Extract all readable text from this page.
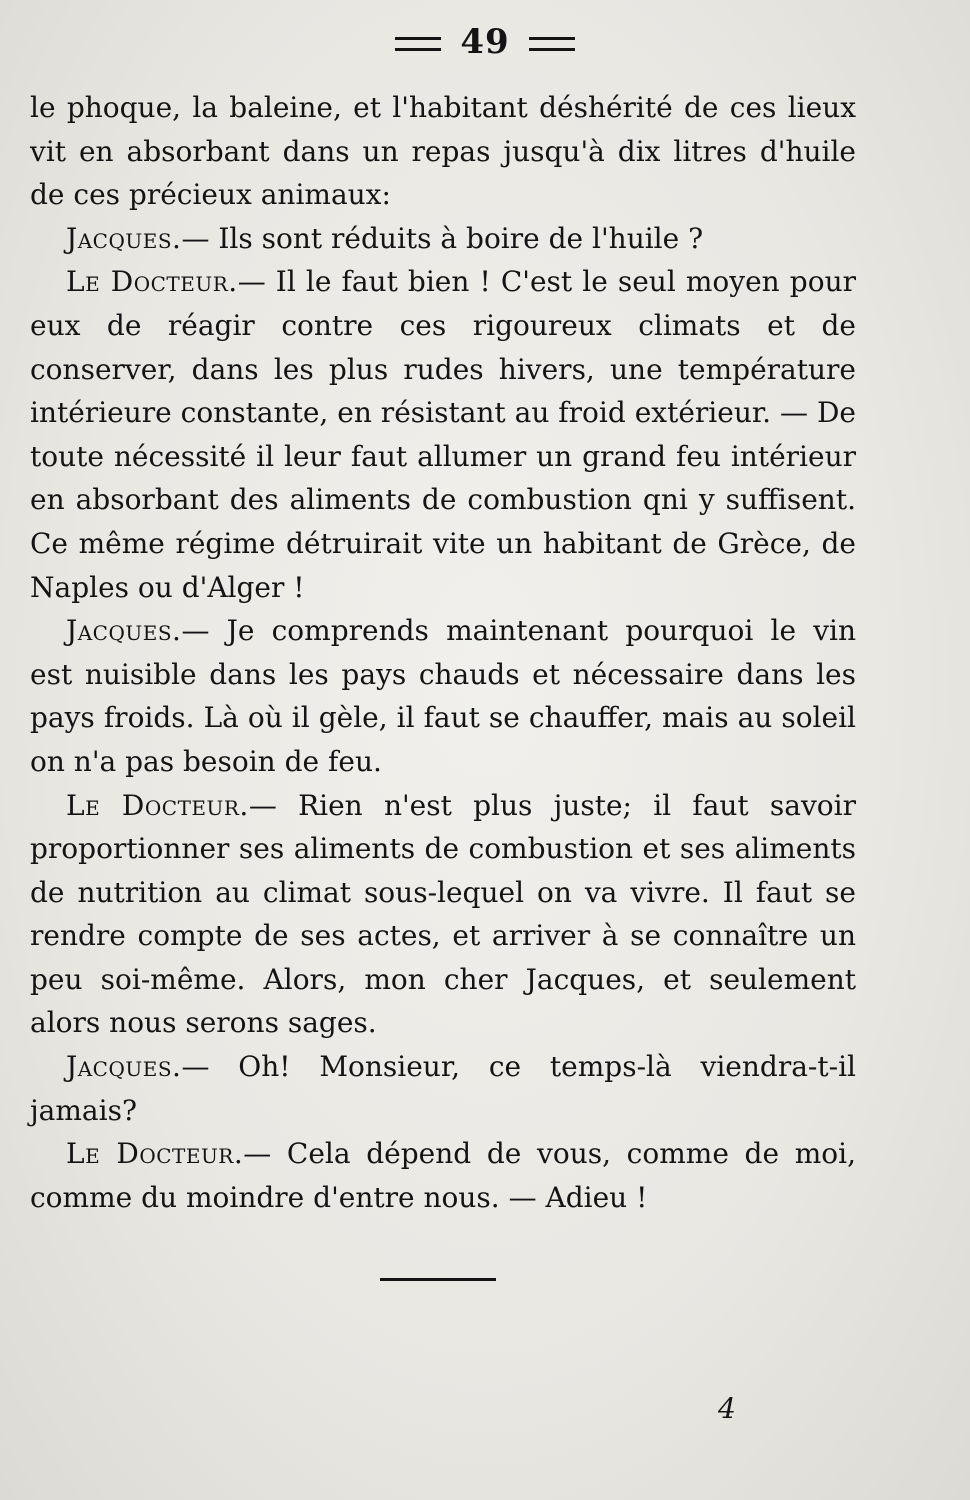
49

le phoque, la baleine, et l'habitant déshérité de ces lieux vit en absorbant dans un repas jusqu'à dix litres d'huile de ces précieux animaux:

Jacques.— Ils sont réduits à boire de l'huile ?

Le Docteur.— Il le faut bien ! C'est le seul moyen pour eux de réagir contre ces rigoureux climats et de conserver, dans les plus rudes hivers, une température intérieure constante, en résistant au froid extérieur. — De toute nécessité il leur faut allumer un grand feu intérieur en absorbant des aliments de combustion qni y suffisent. Ce même régime détruirait vite un habitant de Grèce, de Naples ou d'Alger !

Jacques.— Je comprends maintenant pourquoi le vin est nuisible dans les pays chauds et nécessaire dans les pays froids. Là où il gèle, il faut se chauffer, mais au soleil on n'a pas besoin de feu.

Le Docteur.— Rien n'est plus juste; il faut savoir proportionner ses aliments de combustion et ses aliments de nutrition au climat sous-lequel on va vivre. Il faut se rendre compte de ses actes, et arriver à se connaître un peu soi-même. Alors, mon cher Jacques, et seulement alors nous serons sages.

Jacques.— Oh! Monsieur, ce temps-là viendra-t-il jamais?

Le Docteur.— Cela dépend de vous, comme de moi, comme du moindre d'entre nous. — Adieu !

4
